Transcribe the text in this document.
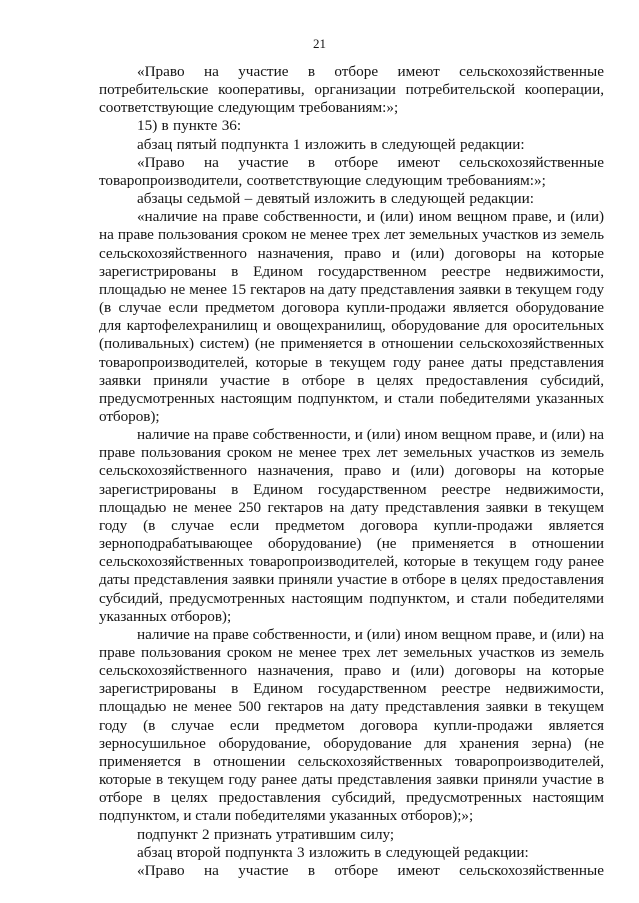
21

«Право на участие в отборе имеют сельскохозяйственные потребительские кооперативы, организации потребительской кооперации, соответствующие следующим требованиям:»;

15) в пункте 36:

абзац пятый подпункта 1 изложить в следующей редакции:

«Право на участие в отборе имеют сельскохозяйственные товаропроизводители, соответствующие следующим требованиям:»;

абзацы седьмой – девятый изложить в следующей редакции:

«наличие на праве собственности, и (или) ином вещном праве, и (или) на праве пользования сроком не менее трех лет земельных участков из земель сельскохозяйственного назначения, право и (или) договоры на которые зарегистрированы в Едином государственном реестре недвижимости, площадью не менее 15 гектаров на дату представления заявки в текущем году (в случае если предметом договора купли-продажи является оборудование для картофелехранилищ и овощехранилищ, оборудование для оросительных (поливальных) систем) (не применяется в отношении сельскохозяйственных товаропроизводителей, которые в текущем году ранее даты представления заявки приняли участие в отборе в целях предоставления субсидий, предусмотренных настоящим подпунктом, и стали победителями указанных отборов);

наличие на праве собственности, и (или) ином вещном праве, и (или) на праве пользования сроком не менее трех лет земельных участков из земель сельскохозяйственного назначения, право и (или) договоры на которые зарегистрированы в Едином государственном реестре недвижимости, площадью не менее 250 гектаров на дату представления заявки в текущем году (в случае если предметом договора купли-продажи является зерноподрабатывающее оборудование) (не применяется в отношении сельскохозяйственных товаропроизводителей, которые в текущем году ранее даты представления заявки приняли участие в отборе в целях предоставления субсидий, предусмотренных настоящим подпунктом, и стали победителями указанных отборов);

наличие на праве собственности, и (или) ином вещном праве, и (или) на праве пользования сроком не менее трех лет земельных участков из земель сельскохозяйственного назначения, право и (или) договоры на которые зарегистрированы в Едином государственном реестре недвижимости, площадью не менее 500 гектаров на дату представления заявки в текущем году (в случае если предметом договора купли-продажи является зерносушильное оборудование, оборудование для хранения зерна) (не применяется в отношении сельскохозяйственных товаропроизводителей, которые в текущем году ранее даты представления заявки приняли участие в отборе в целях предоставления субсидий, предусмотренных настоящим подпунктом, и стали победителями указанных отборов);»;

подпункт 2 признать утратившим силу;

абзац второй подпункта 3 изложить в следующей редакции:

«Право на участие в отборе имеют сельскохозяйственные
